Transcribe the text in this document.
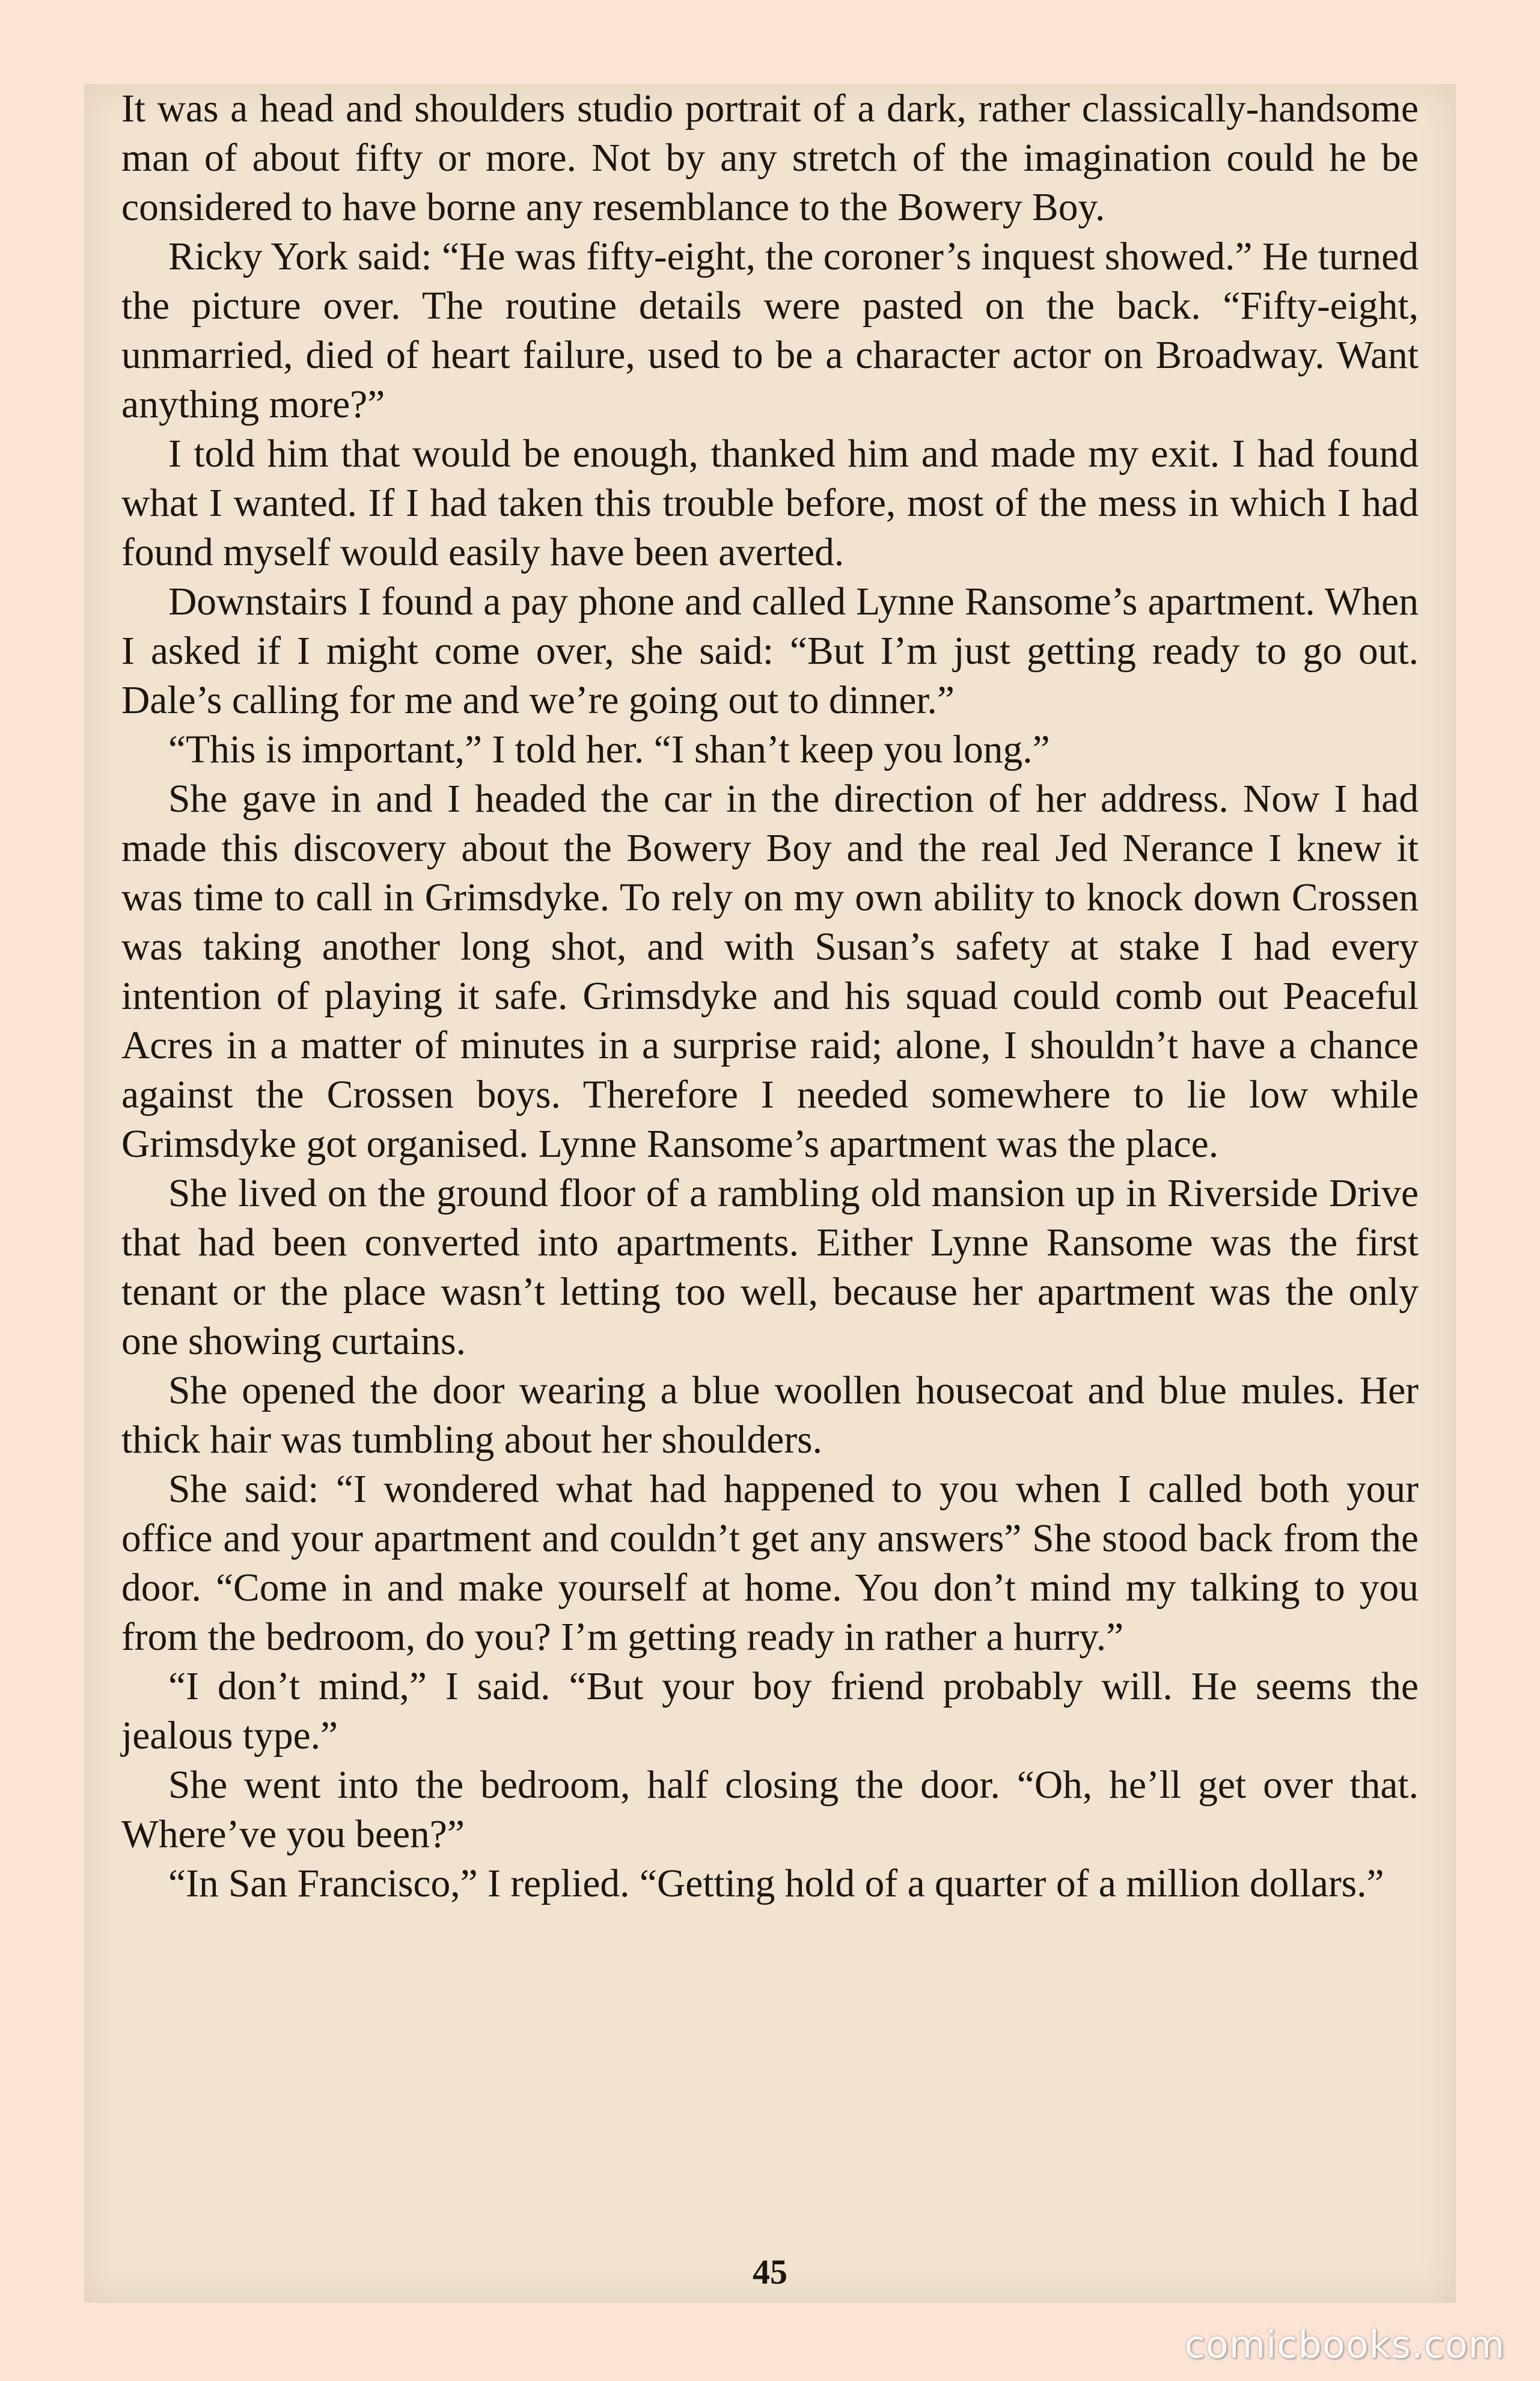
It was a head and shoulders studio portrait of a dark, rather classically-handsome man of about fifty or more. Not by any stretch of the imagination could he be considered to have borne any resemblance to the Bowery Boy.

Ricky York said: “He was fifty-eight, the coroner’s inquest showed.” He turned the picture over. The routine details were pasted on the back. “Fifty-eight, unmarried, died of heart failure, used to be a character actor on Broadway. Want anything more?”

I told him that would be enough, thanked him and made my exit. I had found what I wanted. If I had taken this trouble before, most of the mess in which I had found myself would easily have been averted.

Downstairs I found a pay phone and called Lynne Ransome’s apartment. When I asked if I might come over, she said: “But I’m just getting ready to go out. Dale’s calling for me and we’re going out to dinner.”

“This is important,” I told her. “I shan’t keep you long.”

She gave in and I headed the car in the direction of her address. Now I had made this discovery about the Bowery Boy and the real Jed Nerance I knew it was time to call in Grimsdyke. To rely on my own ability to knock down Crossen was taking another long shot, and with Susan’s safety at stake I had every intention of playing it safe. Grimsdyke and his squad could comb out Peaceful Acres in a matter of minutes in a surprise raid; alone, I shouldn’t have a chance against the Crossen boys. Therefore I needed somewhere to lie low while Grimsdyke got organised. Lynne Ransome’s apartment was the place.

She lived on the ground floor of a rambling old mansion up in Riverside Drive that had been converted into apartments. Either Lynne Ransome was the first tenant or the place wasn’t letting too well, because her apartment was the only one showing curtains.

She opened the door wearing a blue woollen housecoat and blue mules. Her thick hair was tumbling about her shoulders.

She said: “I wondered what had happened to you when I called both your office and your apartment and couldn’t get any answers” She stood back from the door. “Come in and make yourself at home. You don’t mind my talking to you from the bedroom, do you? I’m getting ready in rather a hurry.”

“I don’t mind,” I said. “But your boy friend probably will. He seems the jealous type.”

She went into the bedroom, half closing the door. “Oh, he’ll get over that. Where’ve you been?”

“In San Francisco,” I replied. “Getting hold of a quarter of a million dollars.”

45
comicbooks.com
